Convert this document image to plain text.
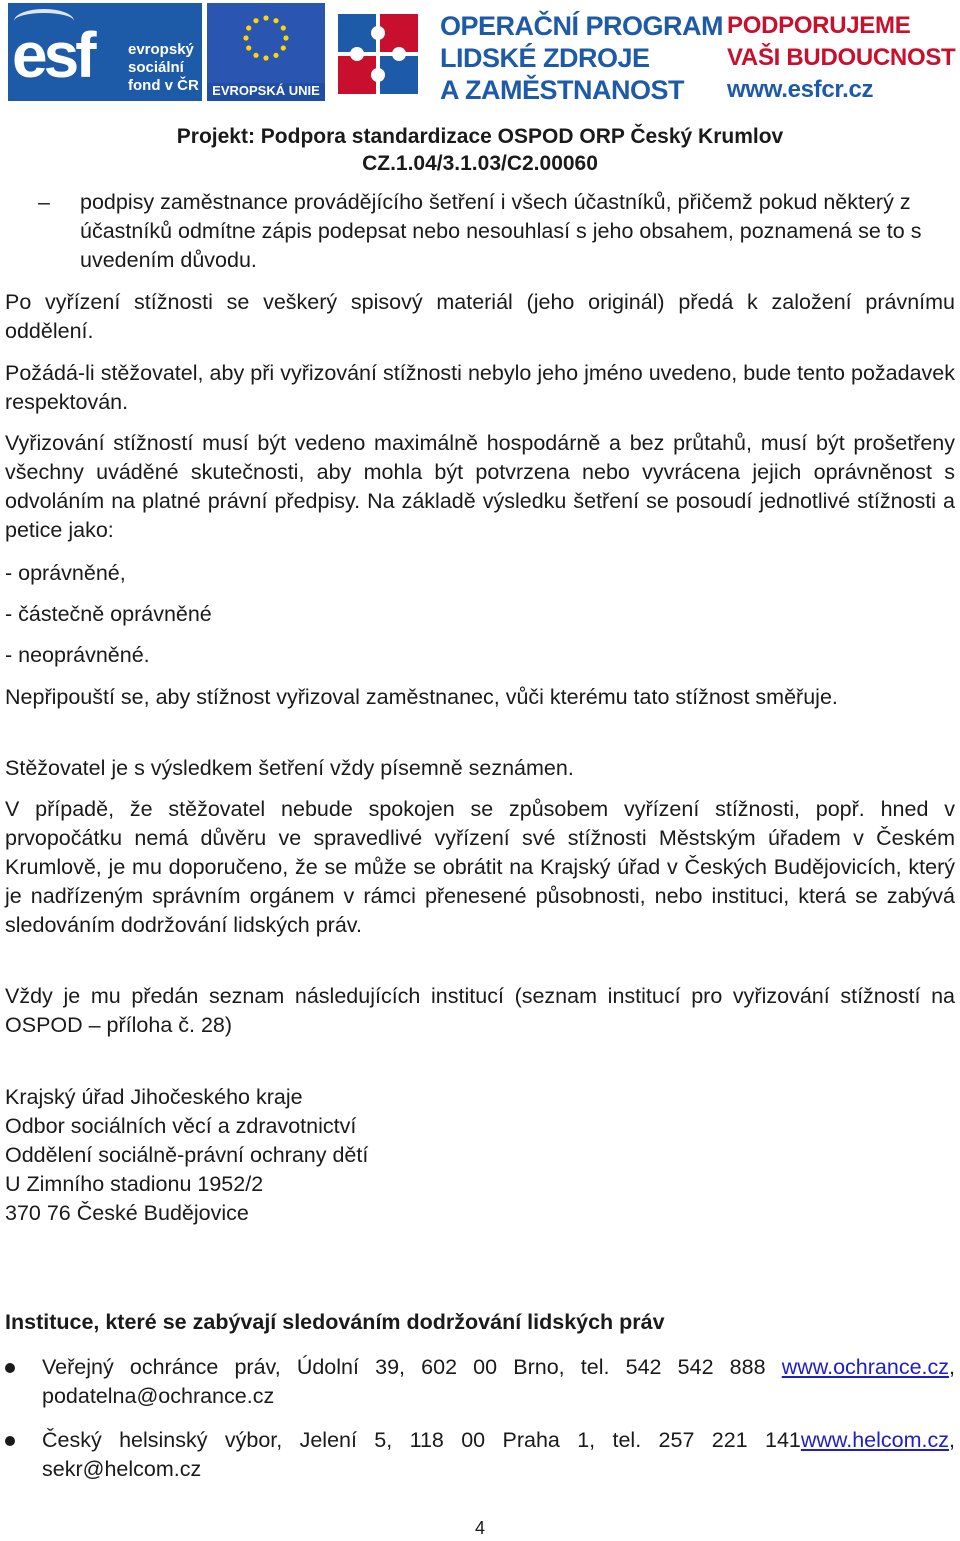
esf evropský
sociální
fond v ČR	EVROPSKÁ UNIE
OPERAČNÍ PROGRAM
LIDSKÉ ZDROJE
A ZAMĚSTNANOST
PODPORUJEME
VAŠI BUDOUCNOST
www.esfcr.cz
Projekt: Podpora standardizace OSPOD ORP Český Krumlov
CZ.1.04/3.1.03/C2.00060
– podpisy zaměstnance provádějícího šetření i všech účastníků, přičemž pokud některý z účastníků odmítne zápis podepsat nebo nesouhlasí s jeho obsahem, poznamená se to s uvedením důvodu.

Po vyřízení stížnosti se veškerý spisový materiál (jeho originál) předá k založení právnímu oddělení.

Požádá-li stěžovatel, aby při vyřizování stížnosti nebylo jeho jméno uvedeno, bude tento požadavek respektován.

Vyřizování stížností musí být vedeno maximálně hospodárně a bez průtahů, musí být prošetřeny všechny uváděné skutečnosti, aby mohla být potvrzena nebo vyvrácena jejich oprávněnost s odvoláním na platné právní předpisy. Na základě výsledku šetření se posoudí jednotlivé stížnosti a petice jako:

- oprávněné,

- částečně oprávněné

- neoprávněné.

Nepřipouští se, aby stížnost vyřizoval zaměstnanec, vůči kterému tato stížnost směřuje.

Stěžovatel je s výsledkem šetření vždy písemně seznámen.

V případě, že stěžovatel nebude spokojen se způsobem vyřízení stížnosti, popř. hned v prvopočátku nemá důvěru ve spravedlivé vyřízení své stížnosti Městským úřadem v Českém Krumlově, je mu doporučeno, že se může se obrátit na Krajský úřad v Českých Budějovicích, který je nadřízeným správním orgánem v rámci přenesené působnosti, nebo instituci, která se zabývá sledováním dodržování lidských práv.

Vždy je mu předán seznam následujících institucí (seznam institucí pro vyřizování stížností na OSPOD – příloha č. 28)

Krajský úřad Jihočeského kraje
Odbor sociálních věcí a zdravotnictví
Oddělení sociálně-právní ochrany dětí
U Zimního stadionu 1952/2
370 76 České Budějovice
Instituce, které se zabývají sledováním dodržování lidských práv

Veřejný ochránce práv, Údolní 39, 602 00 Brno, tel. 542 542 888 www.ochrance.cz, podatelna@ochrance.cz

Český helsinský výbor, Jelení 5, 118 00 Praha 1, tel. 257 221 141www.helcom.cz, sekr@helcom.cz

4
